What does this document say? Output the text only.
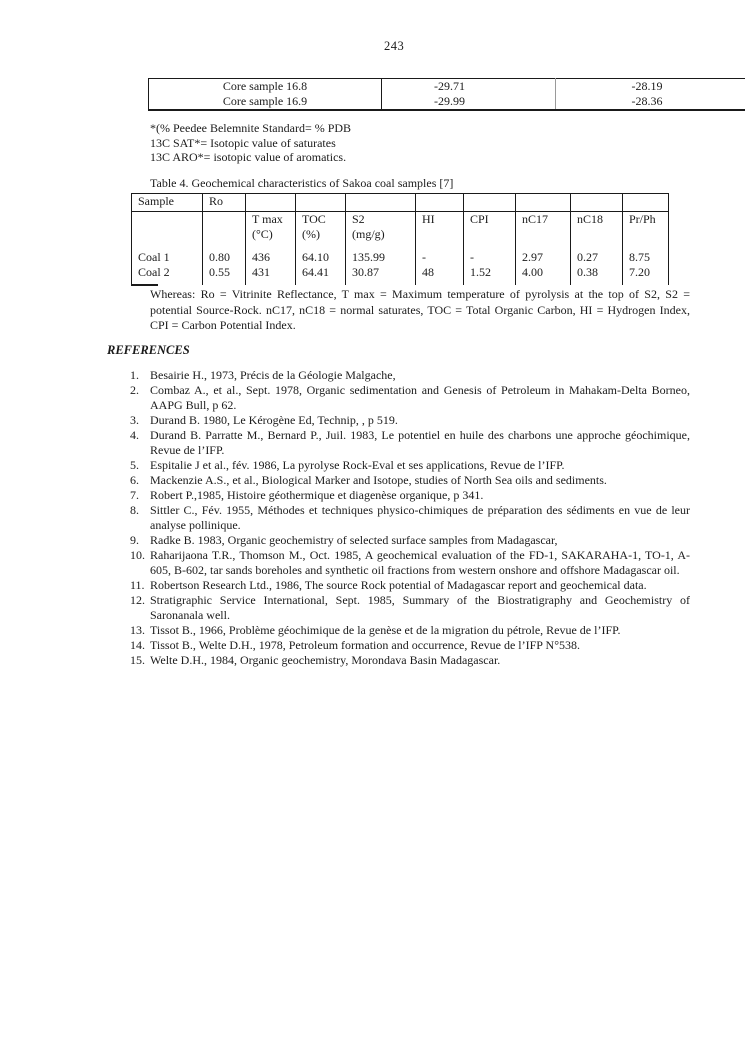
243
Core sample 16.8	-29.71	-28.19
Core sample 16.9	-29.99	-28.36
*(% Peedee Belemnite Standard= % PDB
13C SAT*= Isotopic value of saturates
13C ARO*= isotopic value of aromatics.
Table 4. Geochemical characteristics of Sakoa coal samples [7]
Sample	Ro								
		T max	TOC	S2	HI	CPI	nC17	nC18	Pr/Ph
		(°C)	(%)	(mg/g)					

Coal 1	0.80	436	64.10	135.99	-	-	2.97	0.27	8.75
Coal 2	0.55	431	64.41	30.87	48	1.52	4.00	0.38	7.20

Whereas: Ro = Vitrinite Reflectance, T max = Maximum temperature of pyrolysis at the top of S2, S2 = potential Source-Rock. nC17, nC18 = normal saturates, TOC = Total Organic Carbon, HI = Hydrogen Index, CPI = Carbon Potential Index.

REFERENCES
1. Besairie H., 1973, Précis de la Géologie Malgache,
2. Combaz A., et al., Sept. 1978, Organic sedimentation and Genesis of Petroleum in Mahakam-Delta Borneo, AAPG Bull, p 62.
3. Durand B. 1980, Le Kérogène Ed, Technip, , p 519.
4. Durand B. Parratte M., Bernard P., Juil. 1983, Le potentiel en huile des charbons une approche géochimique, Revue de l’IFP.
5. Espitalie J et al., fév. 1986, La pyrolyse Rock-Eval et ses applications, Revue de l’IFP.
6. Mackenzie A.S., et al., Biological Marker and Isotope, studies of North Sea oils and sediments.
7. Robert P.,1985, Histoire géothermique et diagenèse organique, p 341.
8. Sittler C., Fév. 1955, Méthodes et techniques physico-chimiques de préparation des sédiments en vue de leur analyse pollinique.
9. Radke B. 1983, Organic geochemistry of selected surface samples from Madagascar,
10. Raharijaona T.R., Thomson M., Oct. 1985, A geochemical evaluation of the FD-1, SAKARAHA-1, TO-1, A-605, B-602, tar sands boreholes and synthetic oil fractions from western onshore and offshore Madagascar oil.
11. Robertson Research Ltd., 1986, The source Rock potential of Madagascar report and geochemical data.
12. Stratigraphic Service International, Sept. 1985, Summary of the Biostratigraphy and Geochemistry of Saronanala well.
13. Tissot B., 1966, Problème géochimique de la genèse et de la migration du pétrole, Revue de l’IFP.
14. Tissot B., Welte D.H., 1978, Petroleum formation and occurrence, Revue de l’IFP N°538.
15. Welte D.H., 1984, Organic geochemistry, Morondava Basin Madagascar.
